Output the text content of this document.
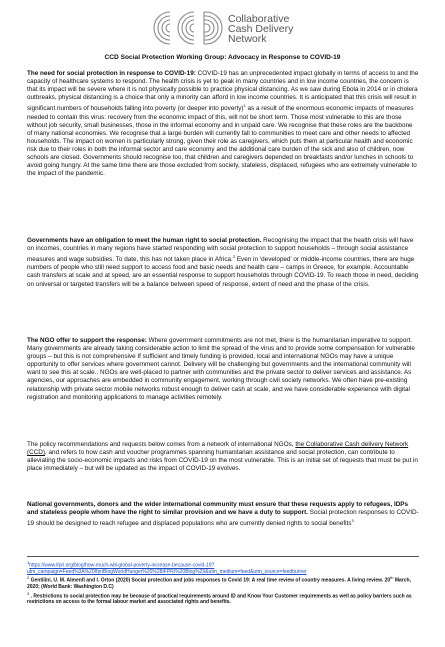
Collaborative
Cash Delivery
Network
CCD Social Protection Working Group: Advocacy in Response to COVID-19
The need for social protection in response to COVID-19: COVID-19 has an unprecedented impact globally in terms of access to and the capacity of healthcare systems to respond. The health crisis is yet to peak in many countries and in low income countries, the concern is that its impact will be severe where it is not physically possible to practice physical distancing. As we saw during Ebola in 2014 or in cholera outbreaks, physical distancing is a choice that only a minority can afford in low income countries. It is anticipated that this crisis will result in significant numbers of households falling into poverty (or deeper into poverty)$^1$ as a result of the enormous economic impacts of measures needed to contain this virus: recovery from the economic impact of this, will not be short term. Those most vulnerable to this are those without job security, small businesses, those in the informal economy and in unpaid care. We recognise that these roles are the backbone of many national economies. We recognise that a large burden will currently fall to communities to meet care and other needs to affected households. The impact on women is particularly strong, given their role as caregivers, which puts them at particular health and economic risk due to their roles in both the informal sector and care economy and the additional care burden of the sick and also of children, now schools are closed. Governments should recognise too, that children and caregivers depended on breakfasts and/or lunches in schools to avoid going hungry. At the same time there are those excluded from society, stateless, displaced, refugees who are extremely vulnerable to the impact of the pandemic.
Governments have an obligation to meet the human right to social protection. Recognising the impact that the health crisis will have on incomes, countries in many regions have started responding with social protection to support households – through social assistance measures and wage subsidies. To date, this has not taken place in Africa.$^2$ Even in ‘developed’ or middle-income countries, there are huge numbers of people who still need support to access food and basic needs and health care – camps in Greece, for example. Accountable cash transfers at scale and at speed, are an essential response to support households through COVID-19. To reach those in need, deciding on universal or targeted transfers will be a balance between speed of response, extent of need and the phase of the crisis.
The NGO offer to support the response: Where government commitments are not met, there is the humanitarian imperative to support. Many governments are already taking considerable action to limit the spread of the virus and to provide some compensation for vulnerable groups – but this is not comprehensive If sufficient and timely funding is provided, local and international NGOs may have a unique opportunity to offer services where government cannot. Delivery will be challenging but governments and the international community will want to see this at scale.. NGOs are well-placed to partner with communities and the private sector to deliver services and assistance. As agencies, our approaches are embedded in community engagement, working through civil society networks. We often have pre-existing relationship with private sector mobile networks robust enough to deliver cash at scale, and we have considerable experience with digital registration and monitoring applications to manage activities remotely.
The policy recommendations and requests below comes from a network of international NGOs, the Collaborative Cash delivery Network (CCD), and refers to how cash and voucher programmes spanning humanitarian assistance and social protection, can contribute to alleviating the socio-economic impacts and risks from COVID-19 on the most vulnerable. This is an initial set of requests that must be put in place immediately – but will be updated as the impact of COVID-19 evolves.
National governments, donors and the wider international community must ensure that these requests apply to refugees, IDPs and stateless people whom have the right to similar provision and we have a duty to support. Social protection responses to COVID-19 should be designed to reach refugee and displaced populations who are currently denied rights to social benefits$^3$
$^1$https://www.ifpri.org/blog/how-much-will-global-poverty-increase-because-covid-19?utm_campaign=Feed%3A%20IfpriBlogWorldHunger%20%28IFPRI%20Blog%29&utm_medium=feed&utm_source=feedburner
$^2$ Gentilini, U. M. Almenfi and I. Orton (2020) Social protection and jobs responses to Covid 19: A real time review of country measures. A living review. 20th March, 2020; (World Bank: Washington D.C)
$^3$ . Restrictions to social protection may be because of practical requirements around ID and Know Your Customer requirements as well as policy barriers such as restrictions on access to the formal labour market and associated rights and benefits.
